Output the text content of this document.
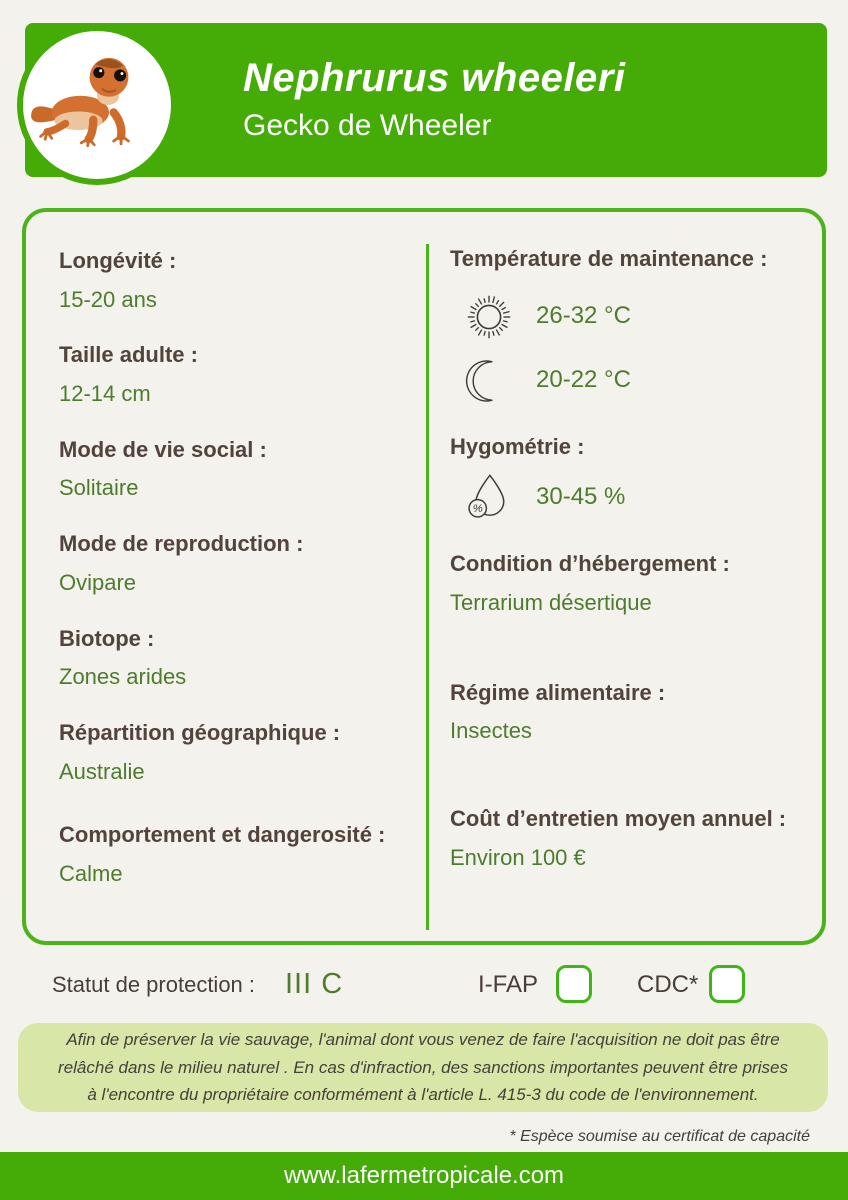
Nephrurus wheeleri
Gecko de Wheeler
Longévité :
15-20 ans
Taille adulte :
12-14 cm
Mode de vie social :
Solitaire
Mode de reproduction :
Ovipare
Biotope :
Zones arides
Répartition géographique :
Australie
Comportement et dangerosité :
Calme
Température de maintenance :
26-32 °C
20-22 °C
Hygométrie :
% 30-45 %
Condition d’hébergement :
Terrarium désertique
Régime alimentaire :
Insectes
Coût d’entretien moyen annuel :
Environ 100 €
Statut de protection : III C	I-FAP	CDC*

Afin de préserver la vie sauvage, l'animal dont vous venez de faire l'acquisition ne doit pas être relâché dans le milieu naturel . En cas d'infraction, des sanctions importantes peuvent être prises à l'encontre du propriétaire conformément à l'article L. 415-3 du code de l'environnement.

* Espèce soumise au certificat de capacité
www.lafermetropicale.com
